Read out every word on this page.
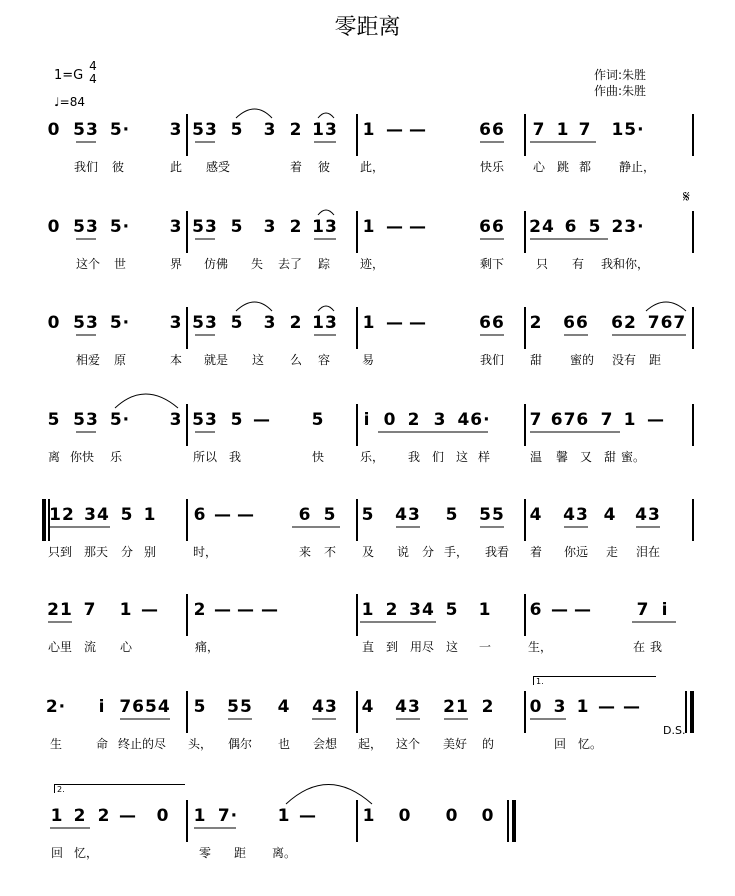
零距离
1=G
4
4
♩=84
作词:朱胜
作曲:朱胜
0 53 5· 3 53 5 3 2 13 1 — —	66 7 1 7 15·
我们 彼	此 感受	着 彼 此，	快乐 心 跳 都 静止，
0 53 5· 3 53 5 3 2 13 1 — —	66 24 6 5 23·
𝄋
这个 世	界 仿佛 失 去了 踪 迹，	剩下	只 有 我和你，
0 53 5· 3 53 5 3 2 13 1 — —	66 2 66 62 767
相爱 原	本 就是 这 么 容	易	我们 甜 蜜的 没有 距
5 53 5· 3 53 5 — 5 i 0 2 3 46· 7 676 7 1 —
离 你快 乐	所以 我	快	乐， 我 们 这 样	温 馨 又 甜 蜜。
12 34 5 1 6 — —	6 5 5 43 5 55 4 43 4 43
只到 那天 分 别	时，	来 不 及 说 分 手， 我看 着 你远 走 泪在
21 7 1 — 2 — — —	1 2 34 5 1 6 — —	7 i
心里 流 心	痛，	直 到 用尽 这 一	生，	在 我
2· i 7654 5 55 4 43 4 43 21 2 0 3 1 — —
D.S.
生	命 终止的尽 头， 偶尔 也 会想 起， 这个 美好 的	回 忆。
1.
1 2 2 — 0 1 7· 1 —	1 0 0 0
回 忆，	零 距 离。
2.
